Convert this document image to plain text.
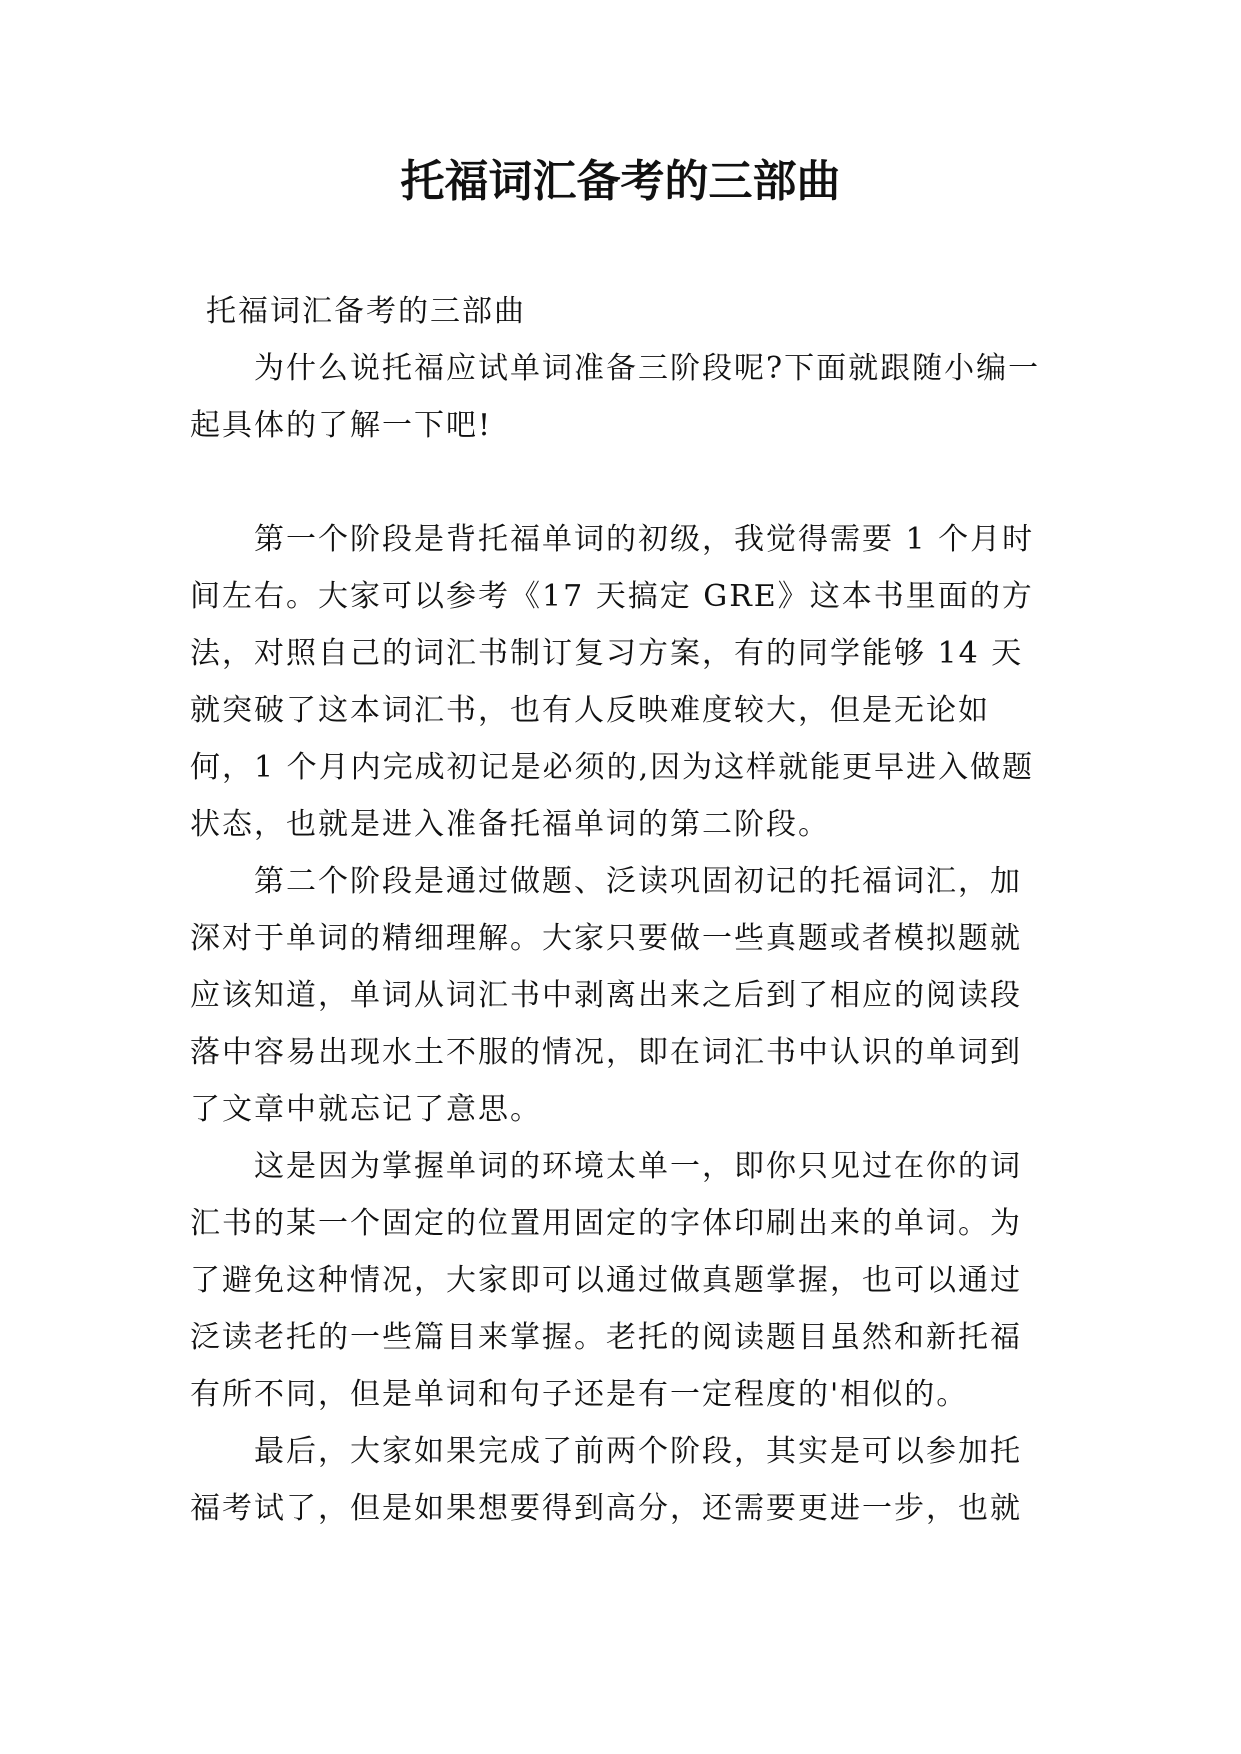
托福词汇备考的三部曲

托福词汇备考的三部曲

为什么说托福应试单词准备三阶段呢?下面就跟随小编一起具体的了解一下吧!

第一个阶段是背托福单词的初级，我觉得需要 1 个月时间左右。大家可以参考《17 天搞定 GRE》这本书里面的方法，对照自己的词汇书制订复习方案，有的同学能够 14 天就突破了这本词汇书，也有人反映难度较大，但是无论如何，1 个月内完成初记是必须的,因为这样就能更早进入做题状态，也就是进入准备托福单词的第二阶段。

第二个阶段是通过做题、泛读巩固初记的托福词汇，加深对于单词的精细理解。大家只要做一些真题或者模拟题就应该知道，单词从词汇书中剥离出来之后到了相应的阅读段落中容易出现水土不服的情况，即在词汇书中认识的单词到了文章中就忘记了意思。

这是因为掌握单词的环境太单一，即你只见过在你的词汇书的某一个固定的位置用固定的字体印刷出来的单词。为了避免这种情况，大家即可以通过做真题掌握，也可以通过泛读老托的一些篇目来掌握。老托的阅读题目虽然和新托福有所不同，但是单词和句子还是有一定程度的'相似的。

最后，大家如果完成了前两个阶段，其实是可以参加托福考试了，但是如果想要得到高分，还需要更进一步，也就
